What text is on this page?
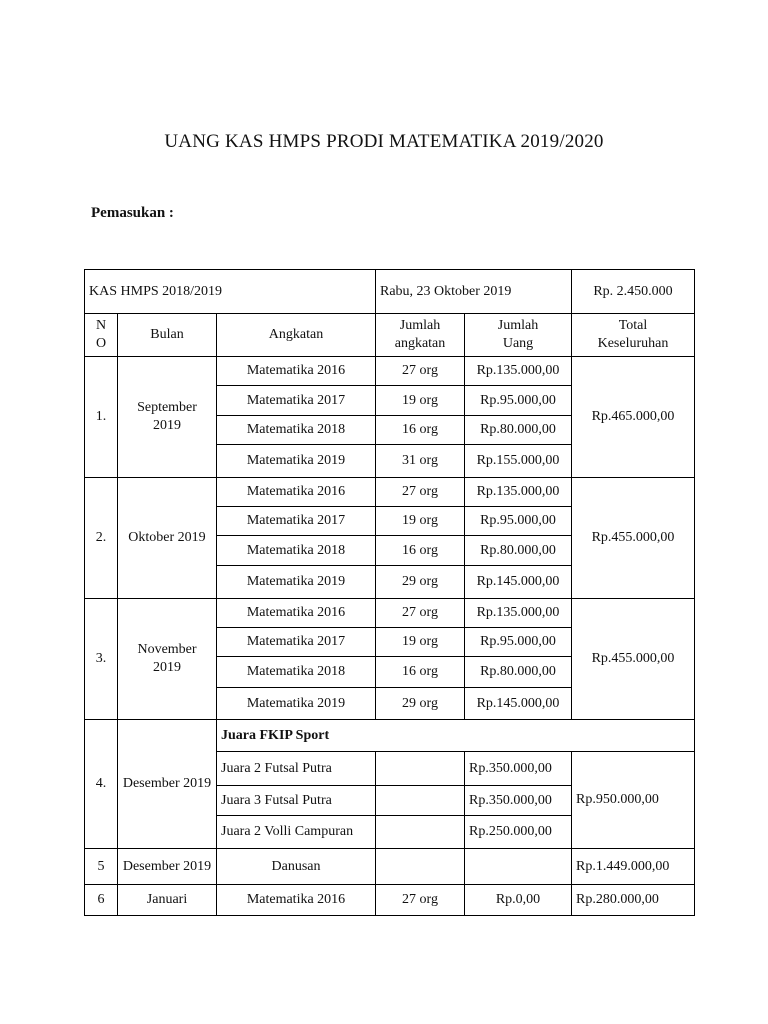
UANG KAS HMPS PRODI MATEMATIKA 2019/2020
Pemasukan :
KAS HMPS 2018/2019			Rabu, 23 Oktober 2019		Rp. 2.450.000

N
O	Bulan	Angkatan	Jumlah angkatan	Jumlah Uang	Total Keseluruhan
1.	September 2019	Matematika 2016	27 org	Rp.135.000,00	Rp.465.000,00
		Matematika 2017	19 org	Rp.95.000,00	
		Matematika 2018	16 org	Rp.80.000,00	
		Matematika 2019	31 org	Rp.155.000,00	
2.	Oktober 2019	Matematika 2016	27 org	Rp.135.000,00	Rp.455.000,00
		Matematika 2017	19 org	Rp.95.000,00	
		Matematika 2018	16 org	Rp.80.000,00	
		Matematika 2019	29 org	Rp.145.000,00	
3.	November 2019	Matematika 2016	27 org	Rp.135.000,00	Rp.455.000,00
		Matematika 2017	19 org	Rp.95.000,00	
		Matematika 2018	16 org	Rp.80.000,00	
		Matematika 2019	29 org	Rp.145.000,00	
4.	Desember 2019	Juara FKIP Sport			
		Juara 2 Futsal Putra		Rp.350.000,00	Rp.950.000,00
		Juara 3 Futsal Putra		Rp.350.000,00	
		Juara 2 Volli Campuran		Rp.250.000,00	
5	Desember 2019	Danusan			Rp.1.449.000,00
6	Januari	Matematika 2016	27 org	Rp.0,00	Rp.280.000,00
